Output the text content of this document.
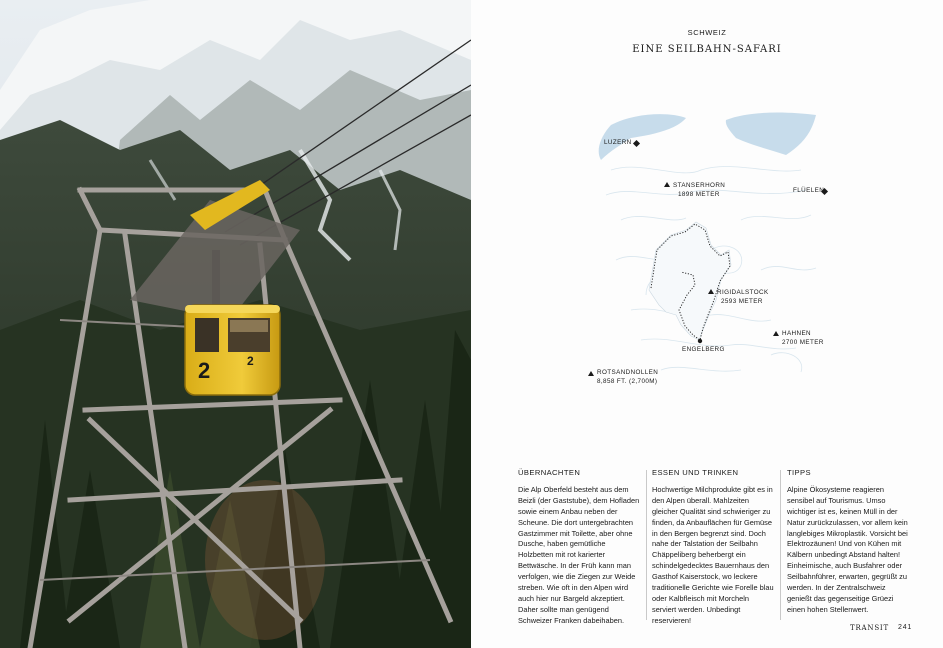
2	2
SCHWEIZ
EINE SEILBAHN-SAFARI
LUZERN
STANSERHORN
1898 METER	FLÜELEN
RIGIDALSTOCK
2593 METER
HAHNEN
2700 METER
ENGELBERG
ROTSANDNOLLEN
8,858 FT. (2,700M)
ÜBERNACHTEN

Die Alp Oberfeld besteht aus dem Beizli (der Gaststube), dem Hofladen sowie einem Anbau neben der Scheune. Die dort untergebrachten Gastzimmer mit Toilette, aber ohne Dusche, haben gemütliche Holzbetten mit rot karierter Bettwäsche. In der Früh kann man verfolgen, wie die Ziegen zur Weide streben. Wie oft in den Alpen wird auch hier nur Bargeld akzeptiert. Daher sollte man genügend Schweizer Franken dabeihaben.

ESSEN UND TRINKEN

Hochwertige Milchprodukte gibt es in den Alpen überall. Mahlzeiten gleicher Qualität sind schwieriger zu finden, da Anbauflächen für Gemüse in den Bergen begrenzt sind. Doch nahe der Talstation der Seilbahn Chäppeliberg beherbergt ein schindelgedecktes Bauernhaus den Gasthof Kaiserstock, wo leckere traditionelle Gerichte wie Forelle blau oder Kalbfleisch mit Morcheln serviert werden. Unbedingt reservieren!

TIPPS

Alpine Ökosysteme reagieren sensibel auf Tourismus. Umso wichtiger ist es, keinen Müll in der Natur zurückzulassen, vor allem kein langlebiges Mikroplastik. Vorsicht bei Elektrozäunen! Und von Kühen mit Kälbern unbedingt Abstand halten! Einheimische, auch Busfahrer oder Seilbahnführer, erwarten, gegrüßt zu werden. In der Zentralschweiz genießt das gegenseitige Grüezi einen hohen Stellenwert.

TRANSIT 241
